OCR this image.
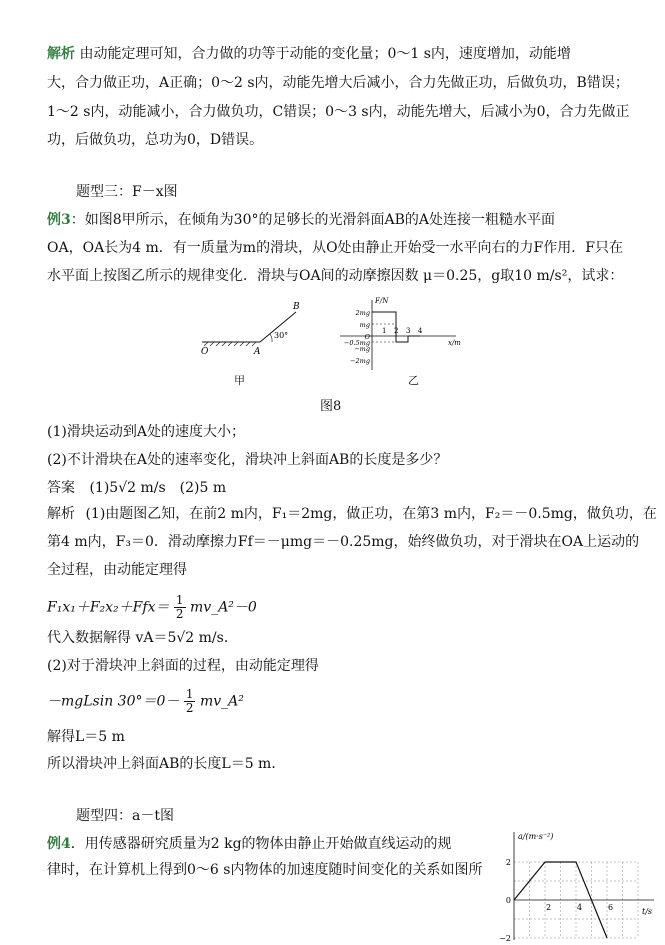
解析 由动能定理可知，合力做的功等于动能的变化量；0～1 s内，速度增加，动能增
大，合力做正功，A正确；0～2 s内，动能先增大后减小，合力先做正功，后做负功，B错误；
1～2 s内，动能减小，合力做负功，C错误；0～3 s内，动能先增大，后减小为0，合力先做正
功，后做负功，总功为0，D错误。
题型三：F－x图
例3：如图8甲所示，在倾角为30°的足够长的光滑斜面AB的A处连接一粗糙水平面
OA，OA长为4 m．有一质量为m的滑块，从O处由静止开始受一水平向右的力F作用．F只在
水平面上按图乙所示的规律变化．滑块与OA间的动摩擦因数 μ＝0.25，g取10 m/s²，试求：
O	A
B
30°
甲
F/N
x/m
2mg
mg
O
−0.5mg
−mg
−2mg
1 2 3 4
乙
图8
(1)滑块运动到A处的速度大小；
(2)不计滑块在A处的速率变化，滑块冲上斜面AB的长度是多少？
答案 (1)5√2 m/s　(2)5 m
解析 (1)由题图乙知，在前2 m内，F₁＝2mg，做正功，在第3 m内，F₂＝－0.5mg，做负功，在
第4 m内，F₃＝0．滑动摩擦力Ff＝－μmg＝－0.25mg，始终做负功，对于滑块在OA上运动的
全过程，由动能定理得
$F_1x_1+F_2x_2+Ffx= \frac{1}{2}$ mv_A²－0
代入数据解得 vA＝5√2 m/s．
(2)对于滑块冲上斜面的过程，由动能定理得
－mgLsin $30^\circ=0- \frac{1}{2}$ mv_A²
解得L＝5 m
所以滑块冲上斜面AB的长度L＝5 m．
题型四：a－t图
例4．用传感器研究质量为2 kg的物体由静止开始做直线运动的规
律时，在计算机上得到0～6 s内物体的加速度随时间变化的关系如图所
a/(m·s⁻²)
t/s
2
0
−2
2	4	6
